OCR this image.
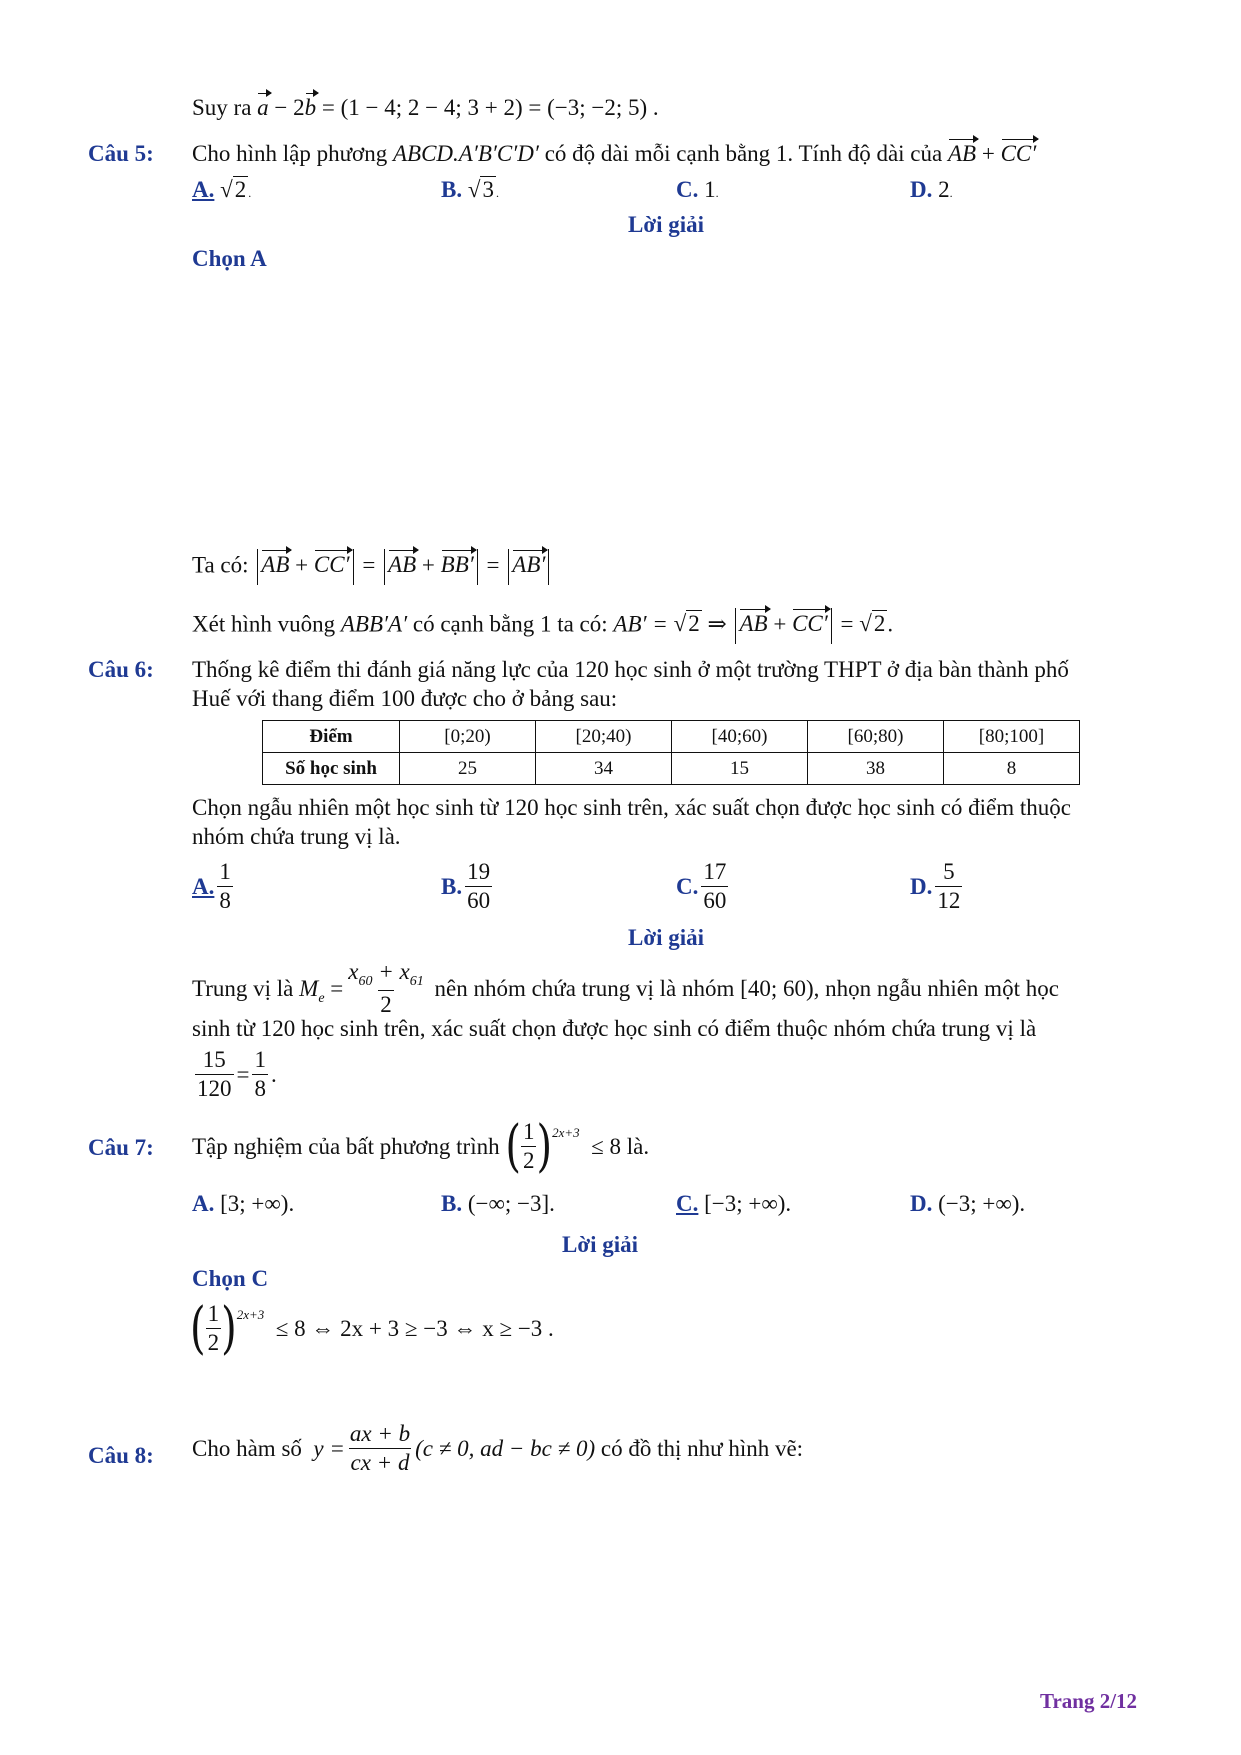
Suy ra a − 2b = (1 − 4; 2 − 4; 3 + 2) = (−3; −2; 5) .
Câu 5: Cho hình lập phương ABCD.A′B′C′D′ có độ dài mỗi cạnh bằng 1. Tính độ dài của AB + CC′
A. √2 .	B. √3 .	C. 1.	D. 2.
Lời giải
Chọn A
Ta có: AB + CC′ = AB + BB′ = AB′
Xét hình vuông ABB′A′ có cạnh bằng 1 ta có: AB′ = √2 ⇒ AB + CC′ = √2.
Câu 6: Thống kê điểm thi đánh giá năng lực của 120 học sinh ở một trường THPT ở địa bàn thành phố
Huế với thang điểm 100 được cho ở bảng sau:
Điểm	[0;20)	[20;40)	[40;60)	[60;80)	[80;100]
Số học sinh	25	34	15	38	8
Chọn ngẫu nhiên một học sinh từ 120 học sinh trên, xác suất chọn được học sinh có điểm thuộc
nhóm chứa trung vị là.
A. $\frac{1}{8}$	B. $\frac{19}{60}$	C. $\frac{17}{60}$	D. $\frac{5}{12}$
Lời giải
Trung vị là
$M_e = \frac{x_{60} + x_{61}}{2}$
nên nhóm chứa trung vị là nhóm
[40; 60) , nhọn ngẫu nhiên một học
sinh từ 120 học sinh trên, xác suất chọn được học sinh có điểm thuộc nhóm chứa trung vị là
$\frac{15}{120} = \frac{1}{8}$ .
Câu 7: Tập nghiệm của bất phương trình
( $\frac{1}{2}$ ) 2x+3

≤ 8 là.
A. [3; +∞).	B. (−∞; −3].	C. [−3; +∞).	D. (−3; +∞).
Lời giải
Chọn C
( $\frac{1}{2}$ ) 2x+3

≤ 8 ⇔ 2x + 3 ≥ −3 ⇔ x ≥ −3 .
Câu 8: Cho hàm số
$y = \frac{ax + b}{cx + d} (c \ne 0$, ad − bc ≠ 0)
có đồ thị như hình vẽ:
Trang 2/12
